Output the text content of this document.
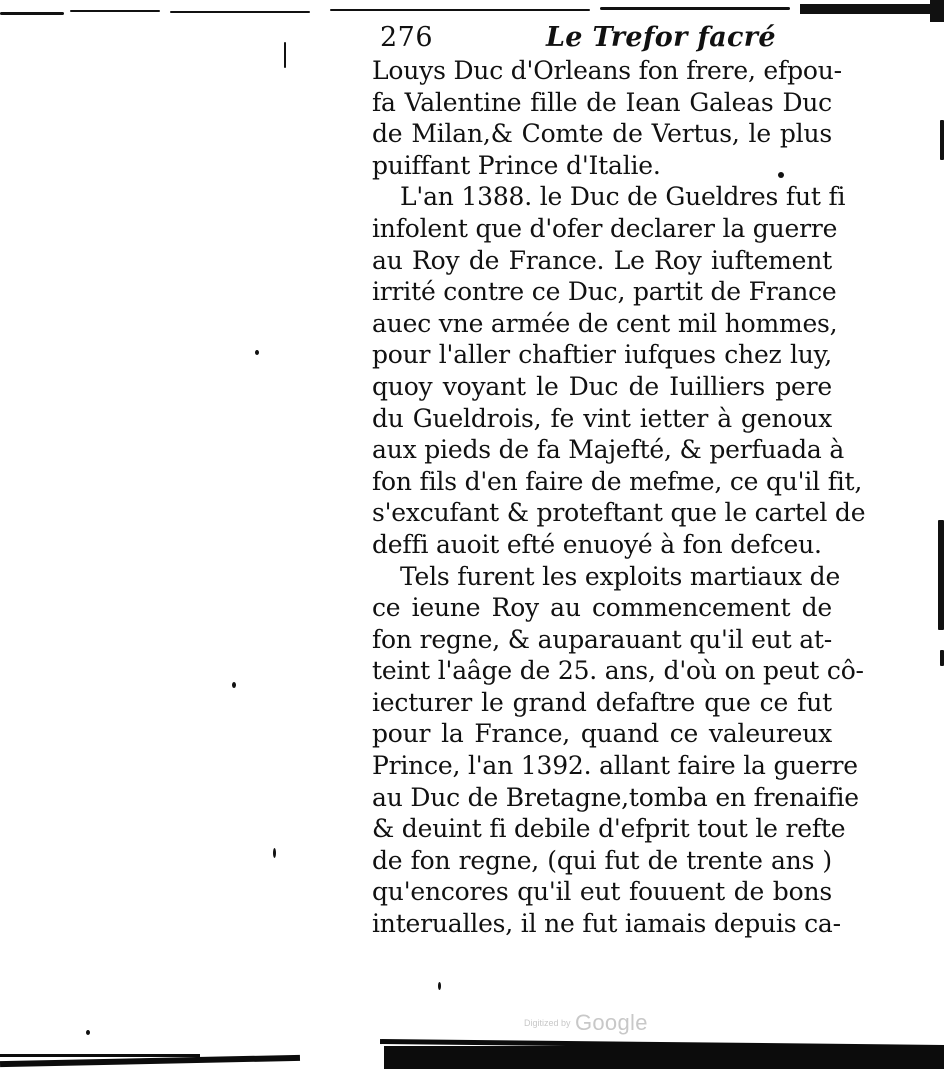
276	Le Trefor facré
Louys Duc d'Orleans fon frere, efpou-
fa Valentine fille de Iean Galeas Duc
de Milan,& Comte de Vertus, le plus
puiffant Prince d'Italie.
L'an 1388. le Duc de Gueldres fut fi
infolent que d'ofer declarer la guerre
au Roy de France. Le Roy iuftement
irrité contre ce Duc, partit de France
auec vne armée de cent mil hommes,
pour l'aller chaftier iufques chez luy,
quoy voyant le Duc de Iuilliers pere
du Gueldrois, fe vint ietter à genoux
aux pieds de fa Majefté, & perfuada à
fon fils d'en faire de mefme, ce qu'il fit,
s'excufant & proteftant que le cartel de
deffi auoit efté enuoyé à fon defceu.
Tels furent les exploits martiaux de
ce ieune Roy au commencement de
fon regne, & auparauant qu'il eut at-
teint l'aâge de 25. ans, d'où on peut cô-
iecturer le grand defaftre que ce fut
pour la France, quand ce valeureux
Prince, l'an 1392. allant faire la guerre
au Duc de Bretagne,tomba en frenaifie
& deuint fi debile d'efprit tout le refte
de fon regne, (qui fut de trente ans )
qu'encores qu'il eut fouuent de bons
interualles, il ne fut iamais depuis ca-
Digitized by Google
